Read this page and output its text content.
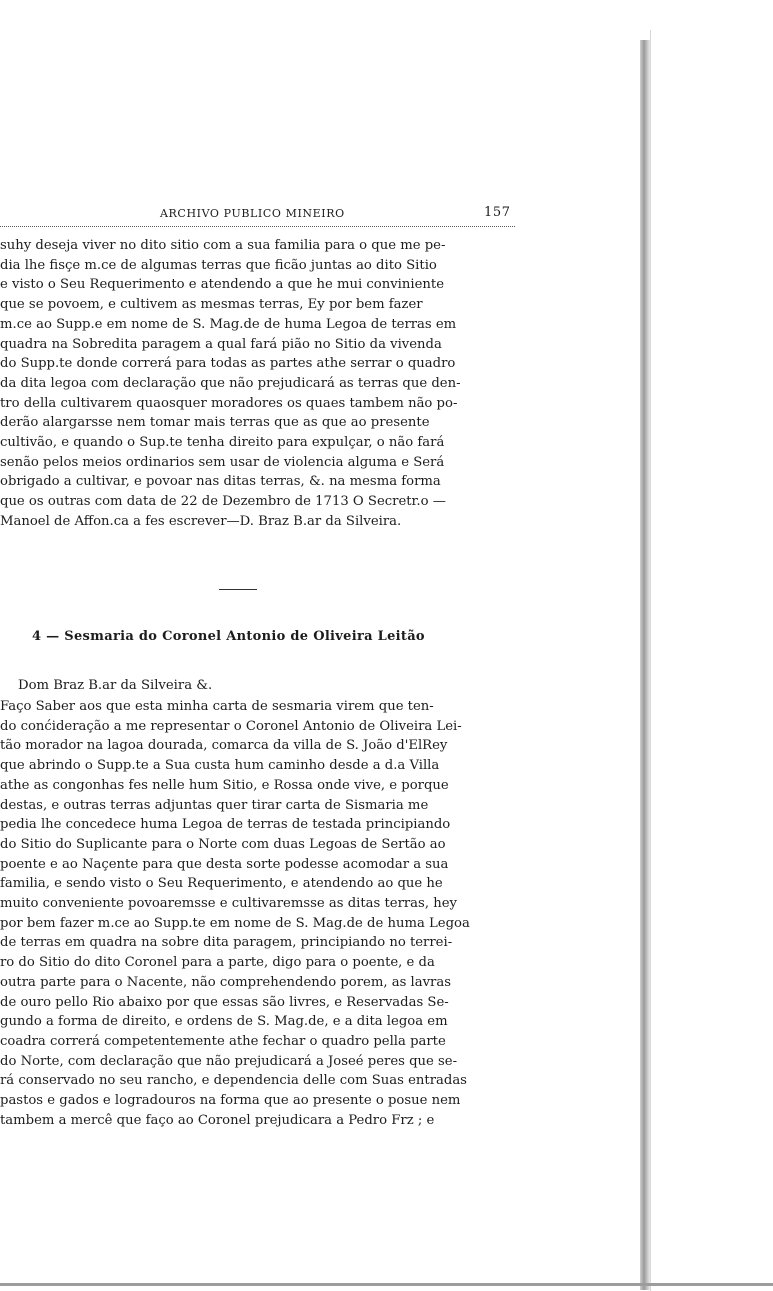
ARCHIVO PUBLICO MINEIRO	157
suhy deseja viver no dito sitio com a sua familia para o que me pe-
dia lhe fisçe m.ce de algumas terras que ficão juntas ao dito Sitio
e visto o Seu Requerimento e atendendo a que he mui conviniente
que se povoem, e cultivem as mesmas terras, Ey por bem fazer
m.ce ao Supp.e em nome de S. Mag.de de huma Legoa de terras em
quadra na Sobredita paragem a qual fará pião no Sitio da vivenda
do Supp.te donde correrá para todas as partes athe serrar o quadro
da dita legoa com declaração que não prejudicará as terras que den-
tro della cultivarem quaosquer moradores os quaes tambem não po-
derão alargarsse nem tomar mais terras que as que ao presente
cultivão, e quando o Sup.te tenha direito para expulçar, o não fará
senão pelos meios ordinarios sem usar de violencia alguma e Será
obrigado a cultivar, e povoar nas ditas terras, &. na mesma forma
que os outras com data de 22 de Dezembro de 1713 O Secretr.o —
Manoel de Affon.ca a fes escrever—D. Braz B.ar da Silveira.
4 — Sesmaria do Coronel Antonio de Oliveira Leitão
Dom Braz B.ar da Silveira &.
Faço Saber aos que esta minha carta de sesmaria virem que ten-
do conćideração a me representar o Coronel Antonio de Oliveira Lei-
tão morador na lagoa dourada, comarca da villa de S. João d'ElRey
que abrindo o Supp.te a Sua custa hum caminho desde a d.a Villa
athe as congonhas fes nelle hum Sitio, e Rossa onde vive, e porque
destas, e outras terras adjuntas quer tirar carta de Sismaria me
pedia lhe concedece huma Legoa de terras de testada principiando
do Sitio do Suplicante para o Norte com duas Legoas de Sertão ao
poente e ao Naçente para que desta sorte podesse acomodar a sua
familia, e sendo visto o Seu Requerimento, e atendendo ao que he
muito conveniente povoaremsse e cultivaremsse as ditas terras, hey
por bem fazer m.ce ao Supp.te em nome de S. Mag.de de huma Legoa
de terras em quadra na sobre dita paragem, principiando no terrei-
ro do Sitio do dito Coronel para a parte, digo para o poente, e da
outra parte para o Nacente, não comprehendendo porem, as lavras
de ouro pello Rio abaixo por que essas são livres, e Reservadas Se-
gundo a forma de direito, e ordens de S. Mag.de, e a dita legoa em
coadra correrá competentemente athe fechar o quadro pella parte
do Norte, com declaração que não prejudicará a Joseé peres que se-
rá conservado no seu rancho, e dependencia delle com Suas entradas
pastos e gados e logradouros na forma que ao presente o posue nem
tambem a mercê que faço ao Coronel prejudicara a Pedro Frz ; e
